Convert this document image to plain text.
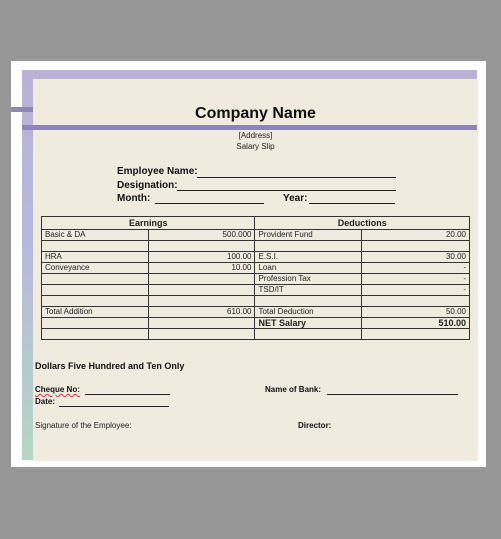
Company Name
[Address]
Salary Slip
Employee Name:
Designation:
Month:	Year:
Earnings		Deductions	
Basic & DA	500.000	Provident Fund	20.00

HRA	100.00	E.S.I.	30.00
Conveyance	10.00	Loan	-
		Profession Tax	-
		TSD/IT	-

Total Addition	610.00	Total Deduction	50.00
		NET Salary	510.00

Dollars Five Hundred and Ten Only
Cheque No:	Name of Bank:
Date:
Signature of the Employee:	Director:
